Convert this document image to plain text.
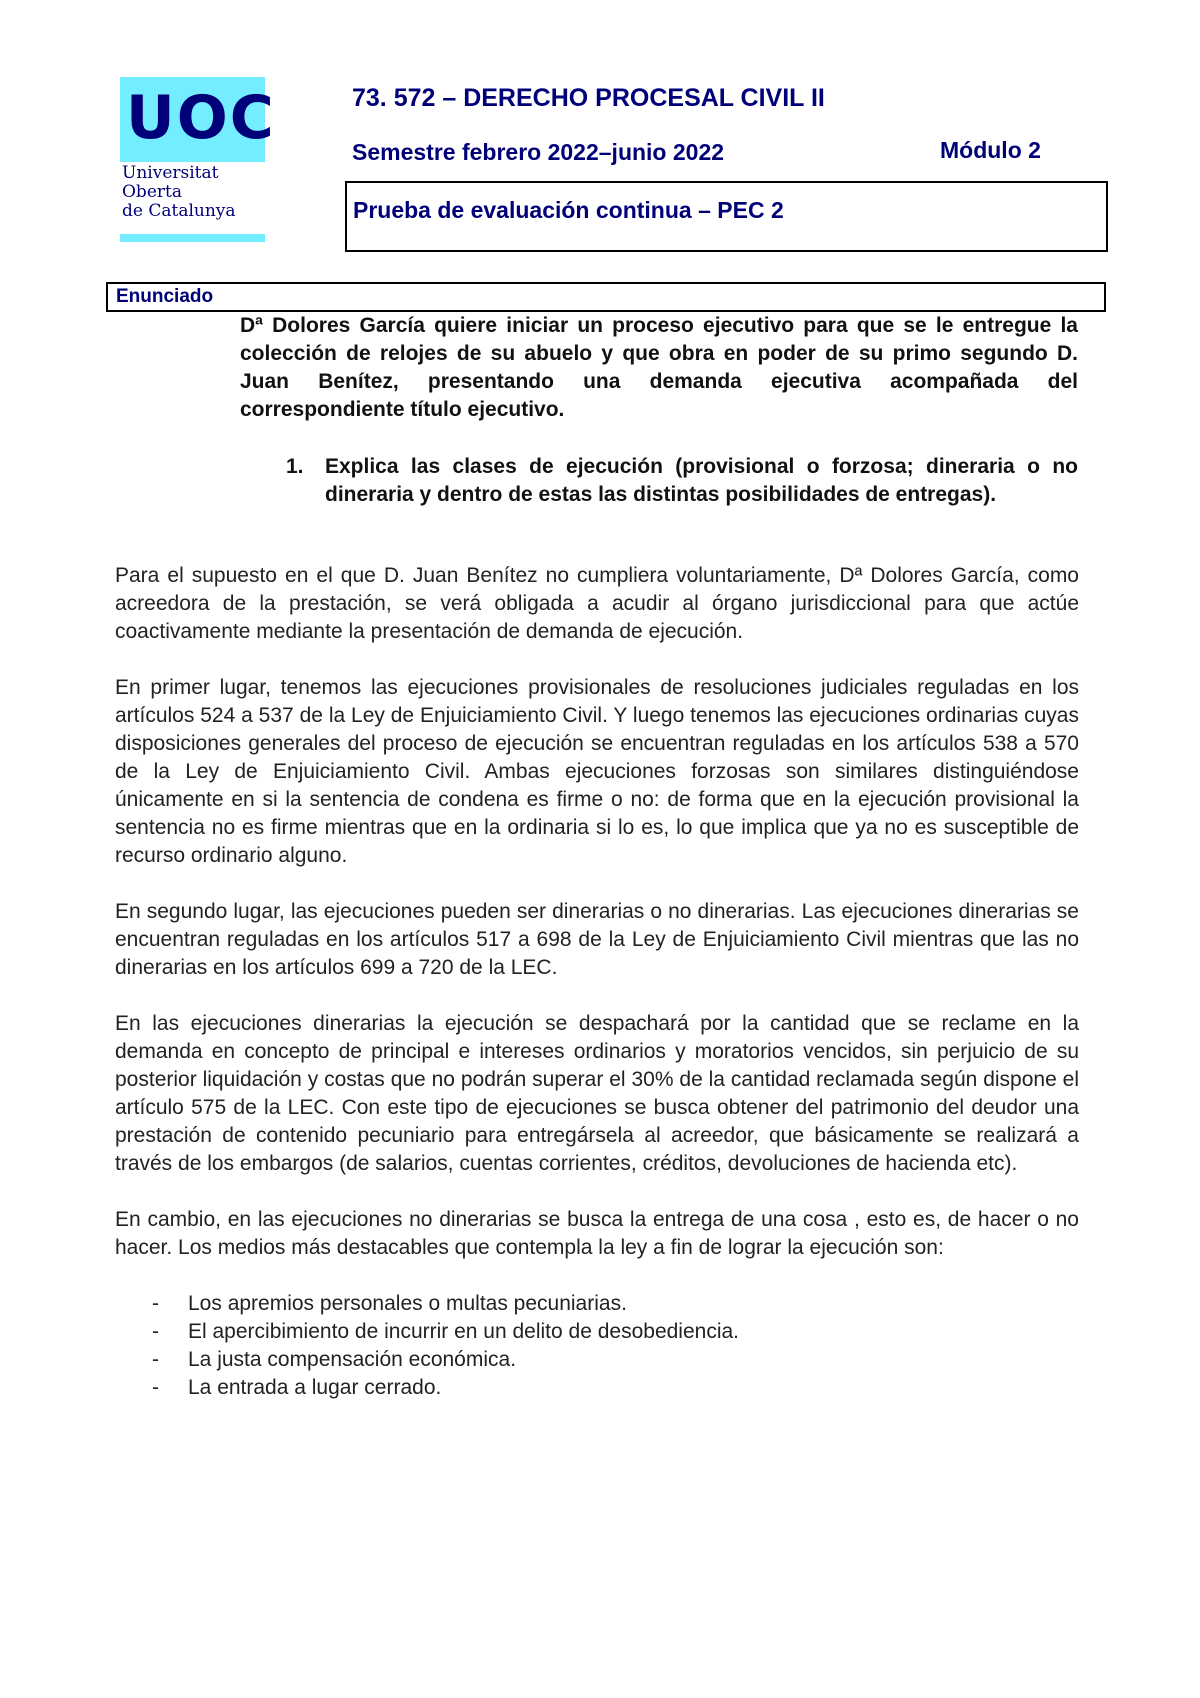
UOC
Universitat
Oberta
de Catalunya
73. 572 – DERECHO PROCESAL CIVIL II
Semestre febrero 2022–junio 2022	Módulo 2
Prueba de evaluación continua – PEC 2
Enunciado

Dª Dolores García quiere iniciar un proceso ejecutivo para que se le entregue la colección de relojes de su abuelo y que obra en poder de su primo segundo D. Juan Benítez, presentando una demanda ejecutiva acompañada del correspondiente título ejecutivo.

1. Explica las clases de ejecución (provisional o forzosa; dineraria o no dineraria y dentro de estas las distintas posibilidades de entregas).

Para el supuesto en el que D. Juan Benítez no cumpliera voluntariamente, Dª Dolores García, como acreedora de la prestación, se verá obligada a acudir al órgano jurisdiccional para que actúe coactivamente mediante la presentación de demanda de ejecución.

En primer lugar, tenemos las ejecuciones provisionales de resoluciones judiciales reguladas en los artículos 524 a 537 de la Ley de Enjuiciamiento Civil. Y luego tenemos las ejecuciones ordinarias cuyas disposiciones generales del proceso de ejecución se encuentran reguladas en los artículos 538 a 570 de la Ley de Enjuiciamiento Civil. Ambas ejecuciones forzosas son similares distinguiéndose únicamente en si la sentencia de condena es firme o no: de forma que en la ejecución provisional la sentencia no es firme mientras que en la ordinaria si lo es, lo que implica que ya no es susceptible de recurso ordinario alguno.

En segundo lugar, las ejecuciones pueden ser dinerarias o no dinerarias. Las ejecuciones dinerarias se encuentran reguladas en los artículos 517 a 698 de la Ley de Enjuiciamiento Civil mientras que las no dinerarias en los artículos 699 a 720 de la LEC.

En las ejecuciones dinerarias la ejecución se despachará por la cantidad que se reclame en la demanda en concepto de principal e intereses ordinarios y moratorios vencidos, sin perjuicio de su posterior liquidación y costas que no podrán superar el 30% de la cantidad reclamada según dispone el artículo 575 de la LEC. Con este tipo de ejecuciones se busca obtener del patrimonio del deudor una prestación de contenido pecuniario para entregársela al acreedor, que básicamente se realizará a través de los embargos (de salarios, cuentas corrientes, créditos, devoluciones de hacienda etc).

En cambio, en las ejecuciones no dinerarias se busca la entrega de una cosa , esto es, de hacer o no hacer. Los medios más destacables que contempla la ley a fin de lograr la ejecución son:

- Los apremios personales o multas pecuniarias.
- El apercibimiento de incurrir en un delito de desobediencia.
- La justa compensación económica.
- La entrada a lugar cerrado.
